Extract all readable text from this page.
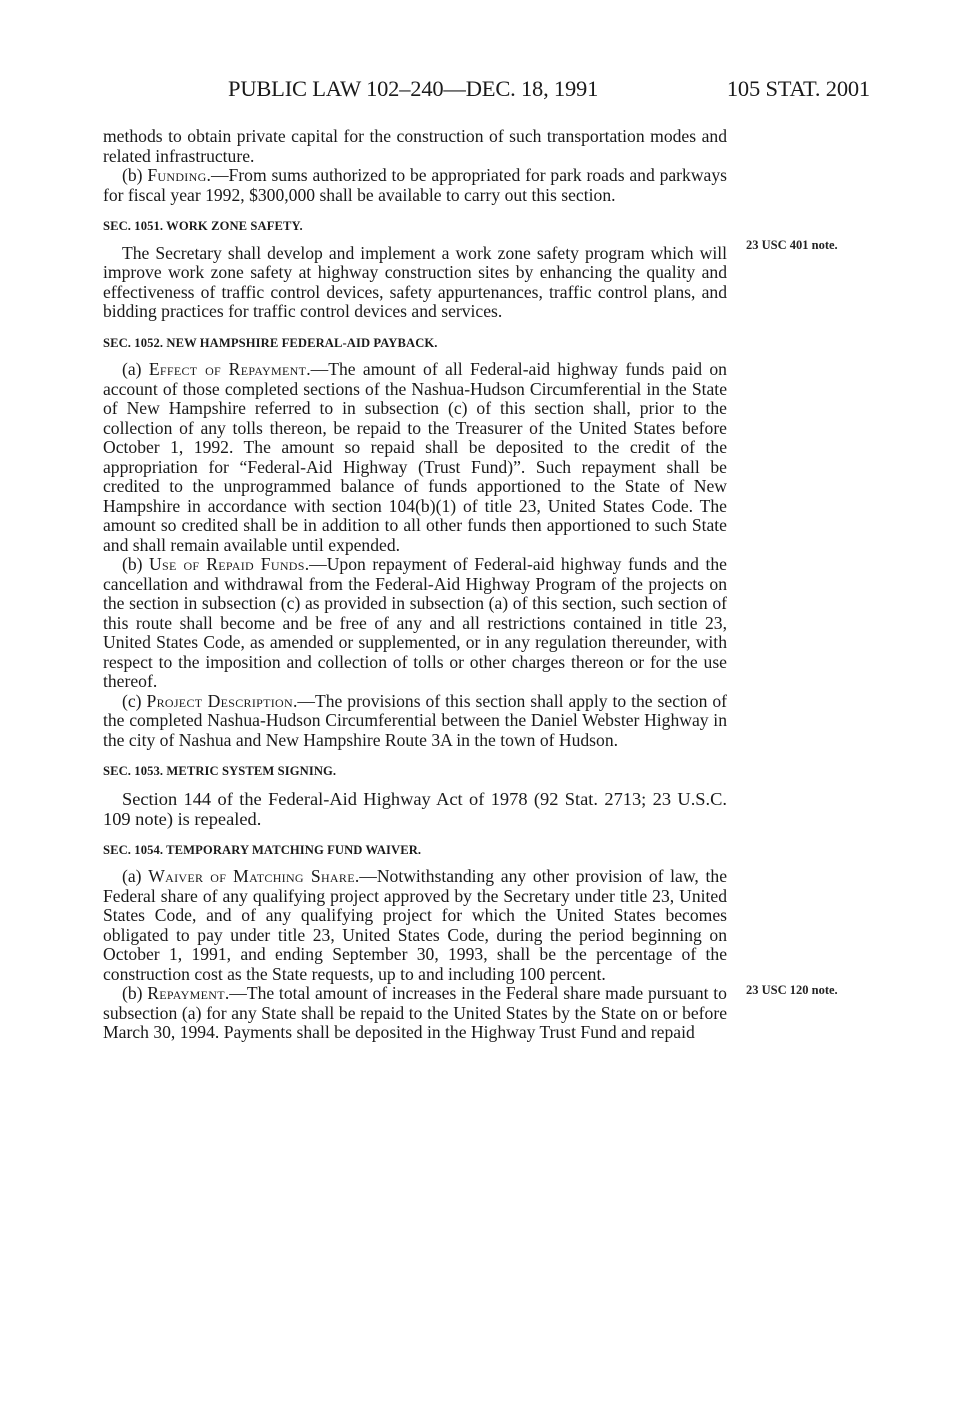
PUBLIC LAW 102–240—DEC. 18, 1991	105 STAT. 2001
23 USC 401 note.
23 USC 120 note.

methods to obtain private capital for the construction of such transportation modes and related infrastructure.

(b) Funding.—From sums authorized to be appropriated for park roads and parkways for fiscal year 1992, $300,000 shall be available to carry out this section.

SEC. 1051. WORK ZONE SAFETY.

The Secretary shall develop and implement a work zone safety program which will improve work zone safety at highway construction sites by enhancing the quality and effectiveness of traffic control devices, safety appurtenances, traffic control plans, and bidding practices for traffic control devices and services.

SEC. 1052. NEW HAMPSHIRE FEDERAL-AID PAYBACK.

(a) Effect of Repayment.—The amount of all Federal-aid highway funds paid on account of those completed sections of the Nashua-Hudson Circumferential in the State of New Hampshire referred to in subsection (c) of this section shall, prior to the collection of any tolls thereon, be repaid to the Treasurer of the United States before October 1, 1992. The amount so repaid shall be deposited to the credit of the appropriation for “Federal-Aid Highway (Trust Fund)”. Such repayment shall be credited to the unprogrammed balance of funds apportioned to the State of New Hampshire in accordance with section 104(b)(1) of title 23, United States Code. The amount so credited shall be in addition to all other funds then apportioned to such State and shall remain available until expended.

(b) Use of Repaid Funds.—Upon repayment of Federal-aid highway funds and the cancellation and withdrawal from the Federal-Aid Highway Program of the projects on the section in subsection (c) as provided in subsection (a) of this section, such section of this route shall become and be free of any and all restrictions contained in title 23, United States Code, as amended or supplemented, or in any regulation thereunder, with respect to the imposition and collection of tolls or other charges thereon or for the use thereof.

(c) Project Description.—The provisions of this section shall apply to the section of the completed Nashua-Hudson Circumferential between the Daniel Webster Highway in the city of Nashua and New Hampshire Route 3A in the town of Hudson.

SEC. 1053. METRIC SYSTEM SIGNING.

Section 144 of the Federal-Aid Highway Act of 1978 (92 Stat. 2713; 23 U.S.C. 109 note) is repealed.

SEC. 1054. TEMPORARY MATCHING FUND WAIVER.

(a) Waiver of Matching Share.—Notwithstanding any other provision of law, the Federal share of any qualifying project approved by the Secretary under title 23, United States Code, and of any qualifying project for which the United States becomes obligated to pay under title 23, United States Code, during the period beginning on October 1, 1991, and ending September 30, 1993, shall be the percentage of the construction cost as the State requests, up to and including 100 percent.

(b) Repayment.—The total amount of increases in the Federal share made pursuant to subsection (a) for any State shall be repaid to the United States by the State on or before March 30, 1994. Payments shall be deposited in the Highway Trust Fund and repaid
